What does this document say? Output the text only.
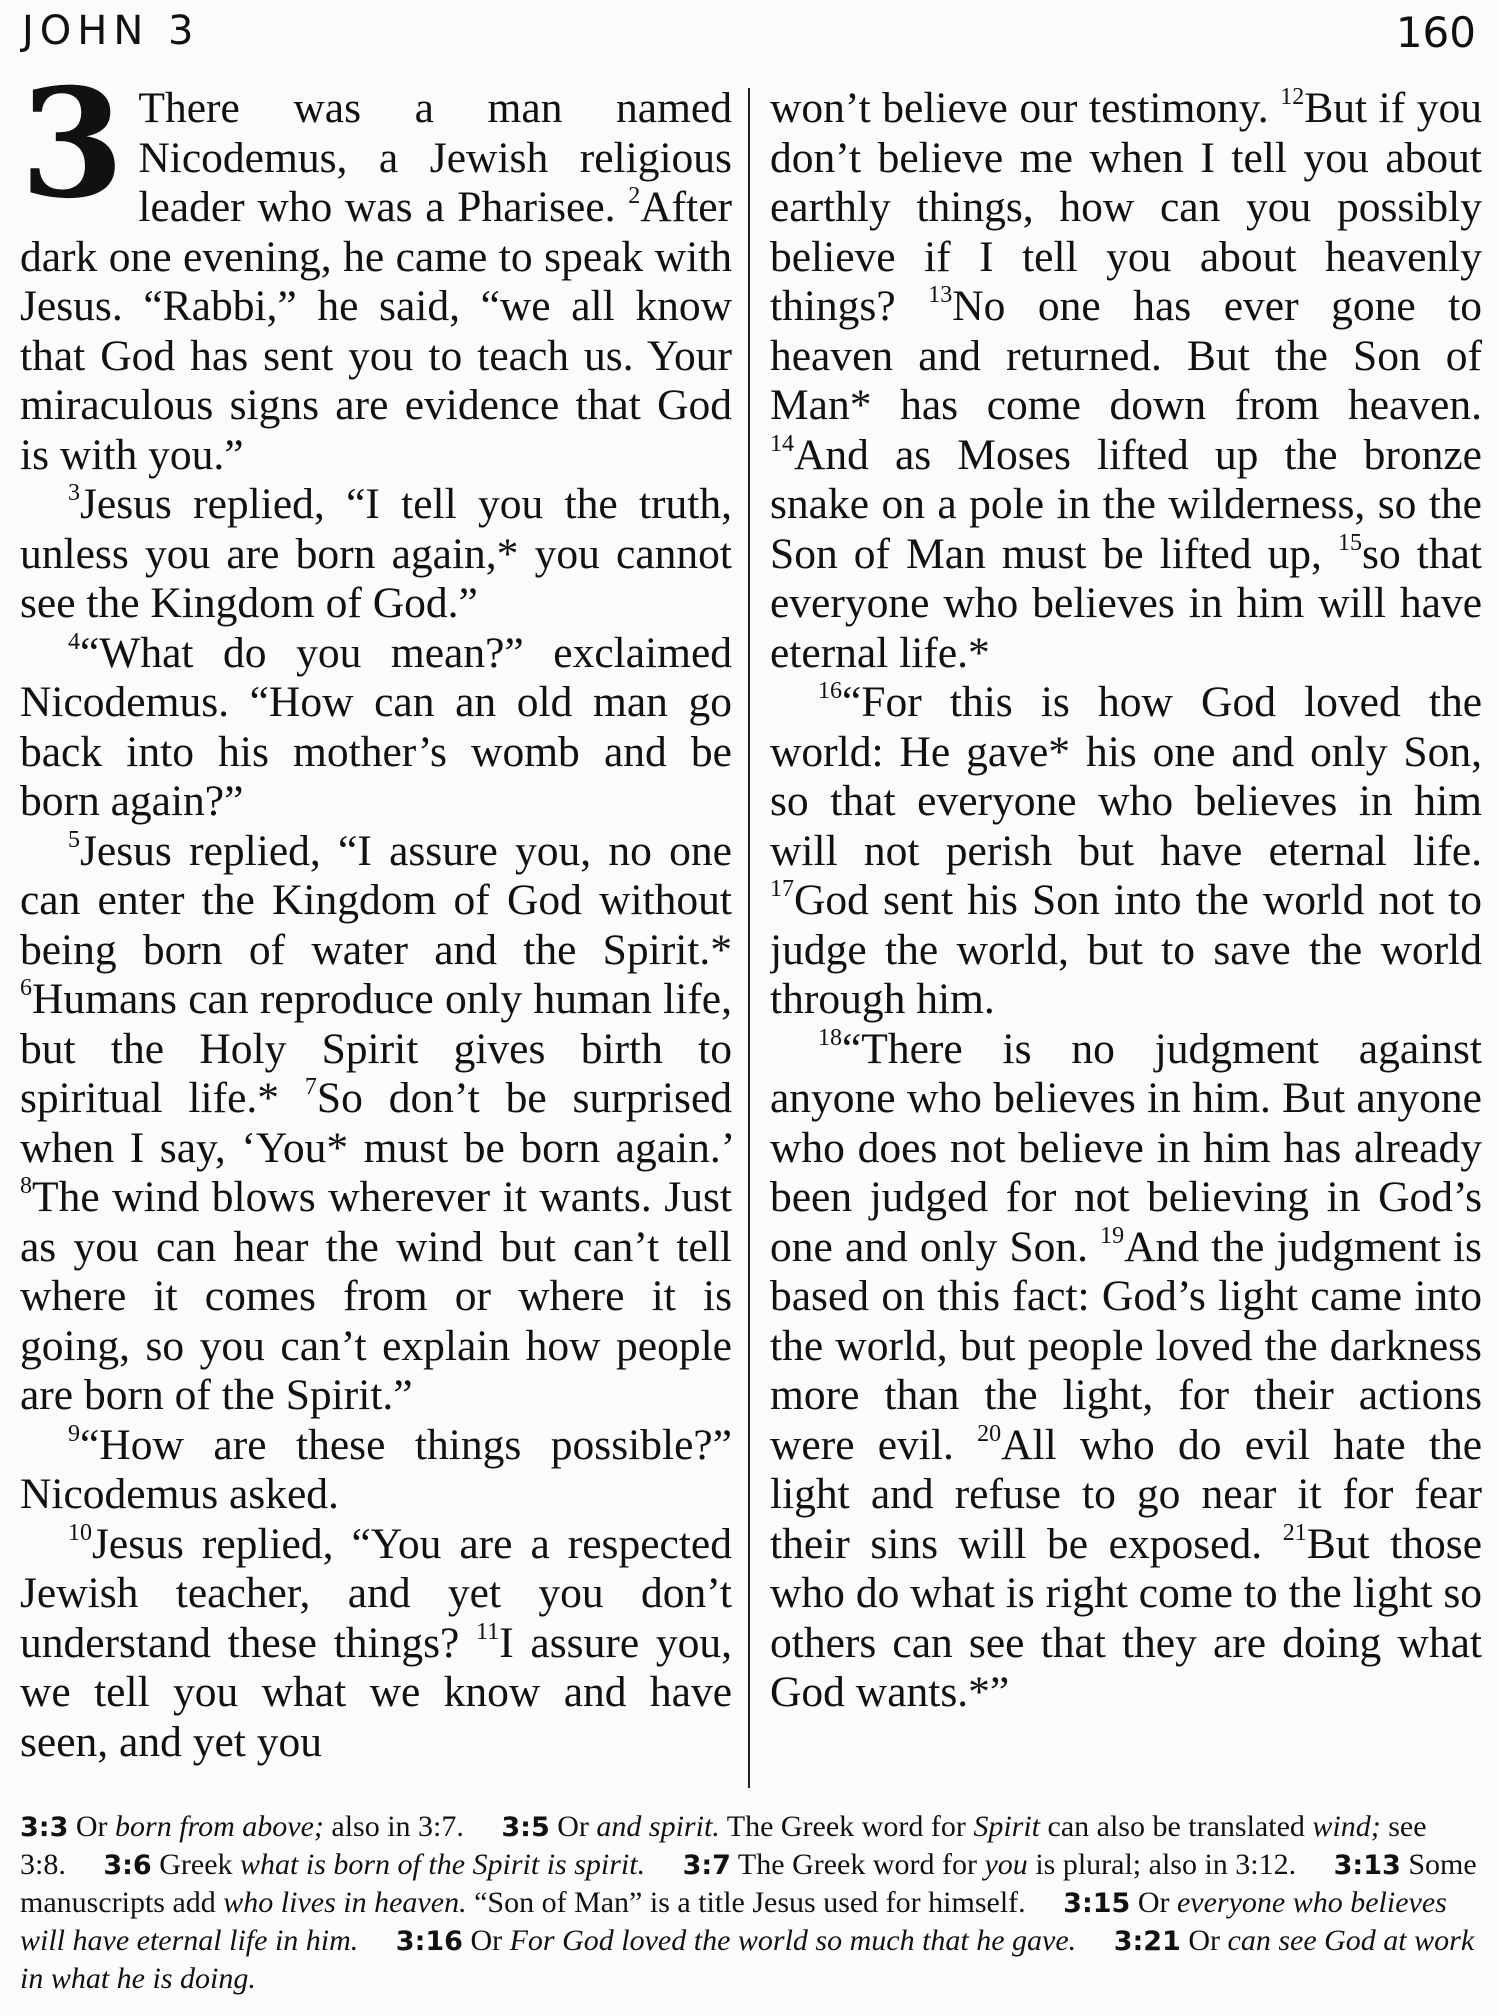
JOHN 3	160
3 There was a man named Nicodemus, a Jewish religious leader who was a Pharisee. $^2$After dark one evening, he came to speak with Jesus. “Rabbi,” he said, “we all know that God has sent you to teach us. Your miraculous signs are evidence that God is with you.”

$^3$Jesus replied, “I tell you the truth, unless you are born again,* you cannot see the Kingdom of God.”

$^4$“What do you mean?” exclaimed Nicodemus. “How can an old man go back into his mother’s womb and be born again?”

$^5$Jesus replied, “I assure you, no one can enter the Kingdom of God without being born of water and the Spirit.* $^6$Humans can reproduce only human life, but the Holy Spirit gives birth to spiritual life.* $^7$So don’t be surprised when I say, ‘You* must be born again.’ $^8$The wind blows wherever it wants. Just as you can hear the wind but can’t tell where it comes from or where it is going, so you can’t explain how people are born of the Spirit.”

$^9$“How are these things possible?” Nicodemus asked.

$^{10}$Jesus replied, “You are a respected Jewish teacher, and yet you don’t understand these things? $^{11}$I assure you, we tell you what we know and have seen, and yet you

won’t believe our testimony. $^{12}$But if you don’t believe me when I tell you about earthly things, how can you possibly believe if I tell you about heavenly things? $^{13}$No one has ever gone to heaven and returned. But the Son of Man* has come down from heaven. $^{14}$And as Moses lifted up the bronze snake on a pole in the wilderness, so the Son of Man must be lifted up, $^{15}$so that everyone who believes in him will have eternal life.*

$^{16}$“For this is how God loved the world: He gave* his one and only Son, so that everyone who believes in him will not perish but have eternal life. $^{17}$God sent his Son into the world not to judge the world, but to save the world through him.

$^{18}$“There is no judgment against anyone who believes in him. But anyone who does not believe in him has already been judged for not believing in God’s one and only Son. $^{19}$And the judgment is based on this fact: God’s light came into the world, but people loved the darkness more than the light, for their actions were evil. $^{20}$All who do evil hate the light and refuse to go near it for fear their sins will be exposed. $^{21}$But those who do what is right come to the light so others can see that they are doing what God wants.*”

3:3 Or born from above; also in 3:7.   3:5 Or and spirit. The Greek word for Spirit can also be translated wind; see 3:8.   3:6 Greek what is born of the Spirit is spirit.   3:7 The Greek word for you is plural; also in 3:12.   3:13 Some manuscripts add who lives in heaven. “Son of Man” is a title Jesus used for himself.   3:15 Or everyone who believes will have eternal life in him.   3:16 Or For God loved the world so much that he gave.   3:21 Or can see God at work in what he is doing.  
